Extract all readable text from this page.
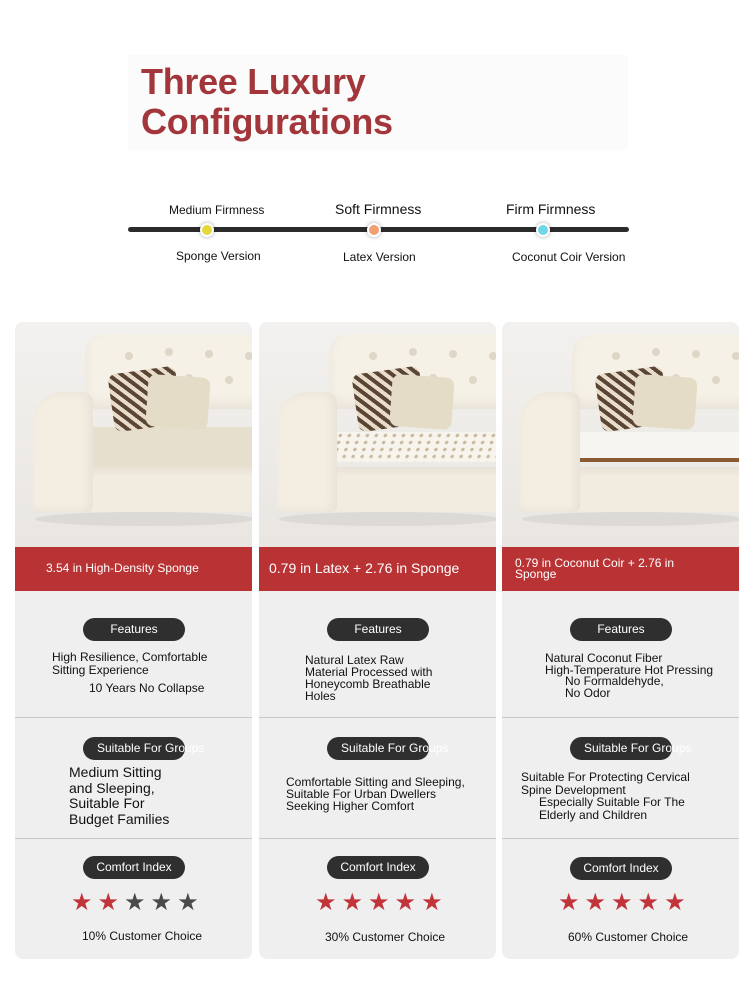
Three Luxury
Configurations
Medium Firmness	Soft Firmness	Firm Firmness
Sponge Version	Latex Version	Coconut Coir Version
3.54 in High-Density Sponge
Features
High Resilience, Comfortable
Sitting Experience
10 Years No Collapse
Suitable For Groups
Medium Sitting
and Sleeping,
Suitable For
Budget Families
Comfort Index
★ ★ ★ ★ ★
10% Customer Choice
0.79 in Latex + 2.76 in Sponge
Features
Natural Latex Raw
Material Processed with
Honeycomb Breathable
Holes
Suitable For Groups
Comfortable Sitting and Sleeping,
Suitable For Urban Dwellers
Seeking Higher Comfort
Comfort Index
★ ★ ★ ★ ★
30% Customer Choice
0.79 in Coconut Coir + 2.76 in
Sponge
Features
Natural Coconut Fiber
High-Temperature Hot Pressing
No Formaldehyde,
No Odor
Suitable For Groups
Suitable For Protecting Cervical
Spine Development
Especially Suitable For The
Elderly and Children
Comfort Index
★ ★ ★ ★ ★
60% Customer Choice
